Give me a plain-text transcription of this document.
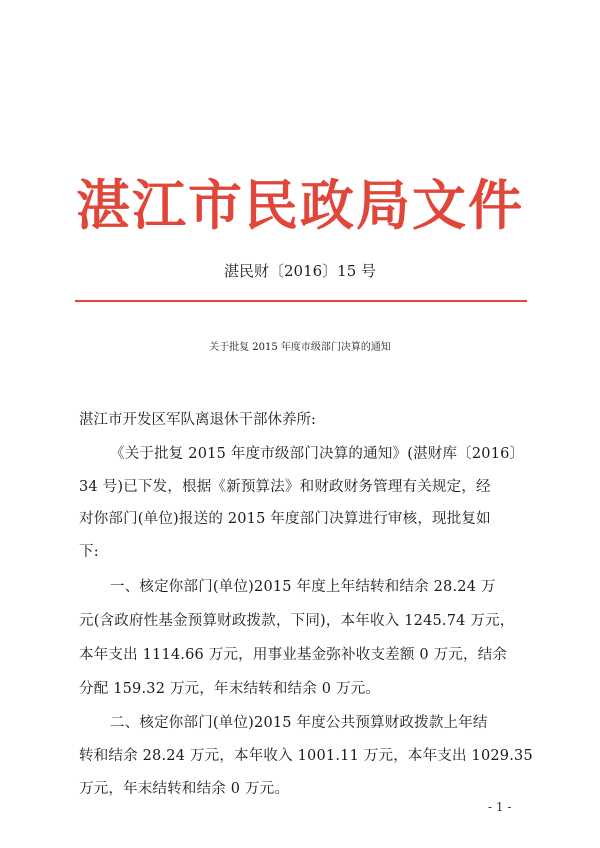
湛江市民政局文件
湛民财〔2016〕15 号
关于批复 2015 年度市级部门决算的通知
湛江市开发区军队离退休干部休养所:
《关于批复 2015 年度市级部门决算的通知》(湛财库〔2016〕
34 号)已下发，根据《新预算法》和财政财务管理有关规定，经
对你部门(单位)报送的 2015 年度部门决算进行审核，现批复如
下:
一、核定你部门(单位)2015 年度上年结转和结余 28.24 万
元(含政府性基金预算财政拨款，下同)，本年收入 1245.74 万元，
本年支出 1114.66 万元，用事业基金弥补收支差额 0 万元，结余
分配 159.32 万元，年末结转和结余 0 万元。
二、核定你部门(单位)2015 年度公共预算财政拨款上年结
转和结余 28.24 万元，本年收入 1001.11 万元，本年支出 1029.35
万元，年末结转和结余 0 万元。
- 1 -
